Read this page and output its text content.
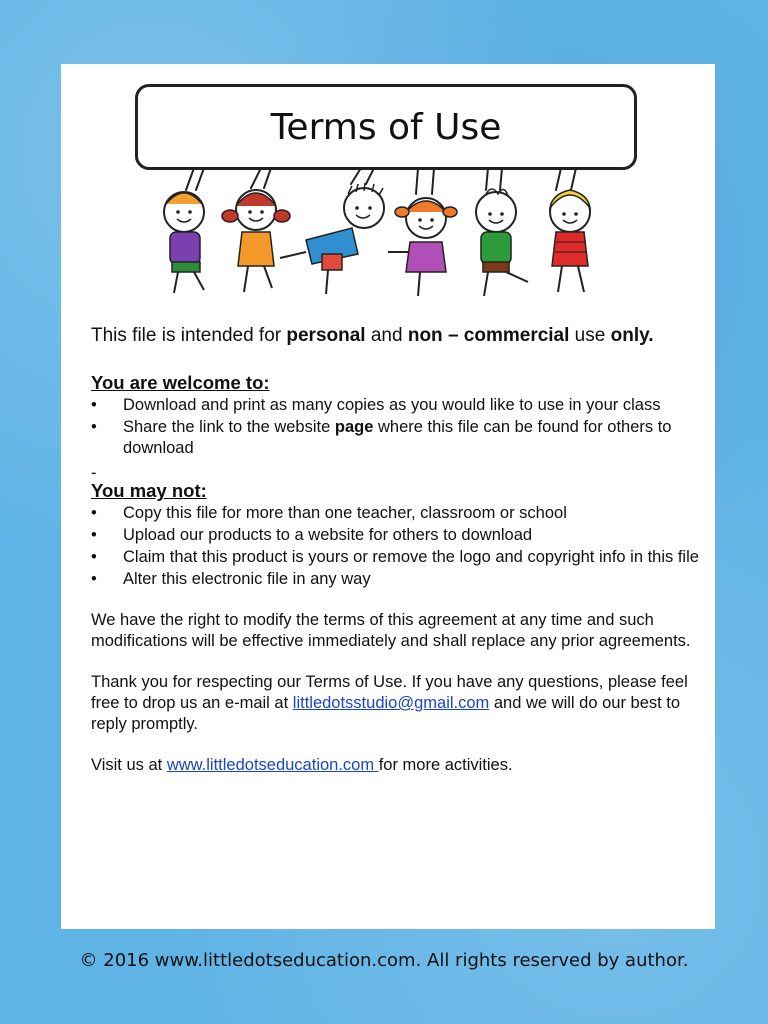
Terms of Use

This file is intended for personal and non – commercial use only.

You are welcome to:

• Download and print as many copies as you would like to use in your class
• Share the link to the website page where this file can be found for others to download

-

You may not:

• Copy this file for more than one teacher, classroom or school
• Upload our products to a website for others to download
• Claim that this product is yours or remove the logo and copyright info in this file
• Alter this electronic file in any way

We have the right to modify the terms of this agreement at any time and such modifications will be effective immediately and shall replace any prior agreements.

Thank you for respecting our Terms of Use. If you have any questions, please feel free to drop us an e-mail at littledotsstudio@gmail.com and we will do our best to reply promptly.

Visit us at www.littledotseducation.com for more activities.

© 2016 www.littledotseducation.com. All rights reserved by author.
